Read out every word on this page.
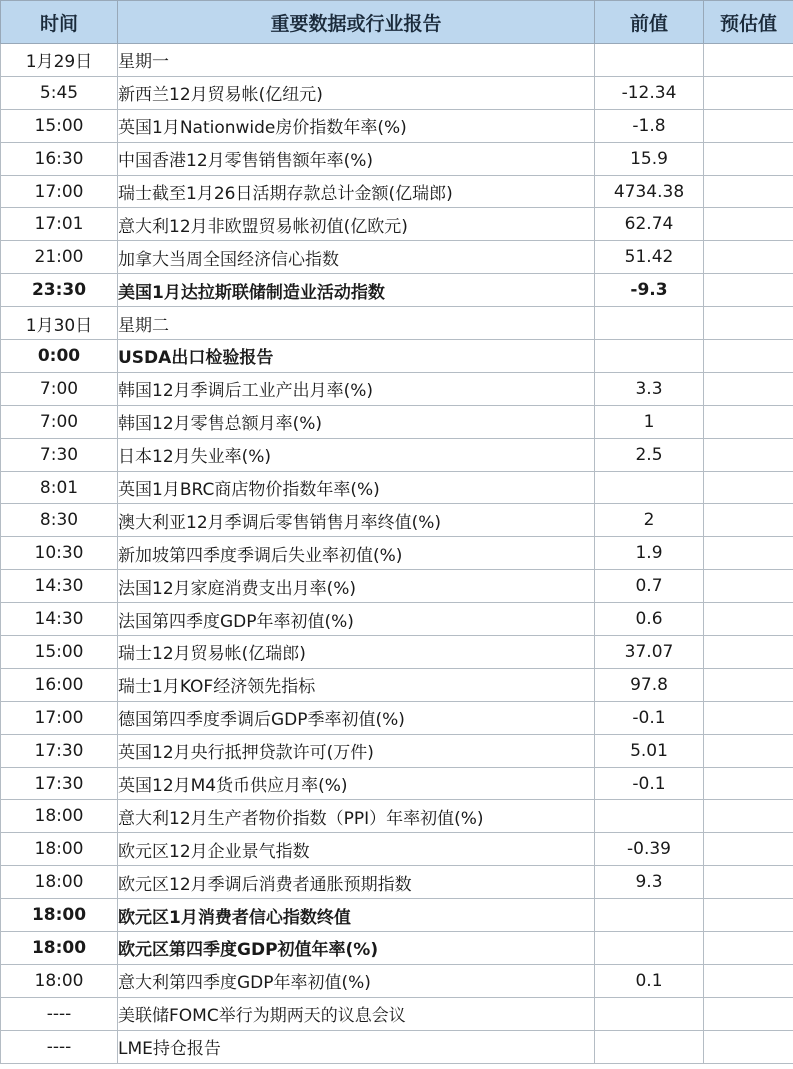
时间	重要数据或行业报告	前值	预估值
1月29日	星期一		
5:45	新西兰12月贸易帐(亿纽元)	-12.34	
15:00	英国1月Nationwide房价指数年率(%)	-1.8	
16:30	中国香港12月零售销售额年率(%)	15.9	
17:00	瑞士截至1月26日活期存款总计金额(亿瑞郎)	4734.38	
17:01	意大利12月非欧盟贸易帐初值(亿欧元)	62.74	
21:00	加拿大当周全国经济信心指数	51.42	
23:30	美国1月达拉斯联储制造业活动指数	-9.3	
1月30日	星期二		
0:00	USDA出口检验报告		
7:00	韩国12月季调后工业产出月率(%)	3.3	
7:00	韩国12月零售总额月率(%)	1	
7:30	日本12月失业率(%)	2.5	
8:01	英国1月BRC商店物价指数年率(%)		
8:30	澳大利亚12月季调后零售销售月率终值(%)	2	
10:30	新加坡第四季度季调后失业率初值(%)	1.9	
14:30	法国12月家庭消费支出月率(%)	0.7	
14:30	法国第四季度GDP年率初值(%)	0.6	
15:00	瑞士12月贸易帐(亿瑞郎)	37.07	
16:00	瑞士1月KOF经济领先指标	97.8	
17:00	德国第四季度季调后GDP季率初值(%)	-0.1	
17:30	英国12月央行抵押贷款许可(万件)	5.01	
17:30	英国12月M4货币供应月率(%)	-0.1	
18:00	意大利12月生产者物价指数（PPI）年率初值(%)		
18:00	欧元区12月企业景气指数	-0.39	
18:00	欧元区12月季调后消费者通胀预期指数	9.3	
18:00	欧元区1月消费者信心指数终值		
18:00	欧元区第四季度GDP初值年率(%)		
18:00	意大利第四季度GDP年率初值(%)	0.1	
----	美联储FOMC举行为期两天的议息会议		
----	LME持仓报告		
